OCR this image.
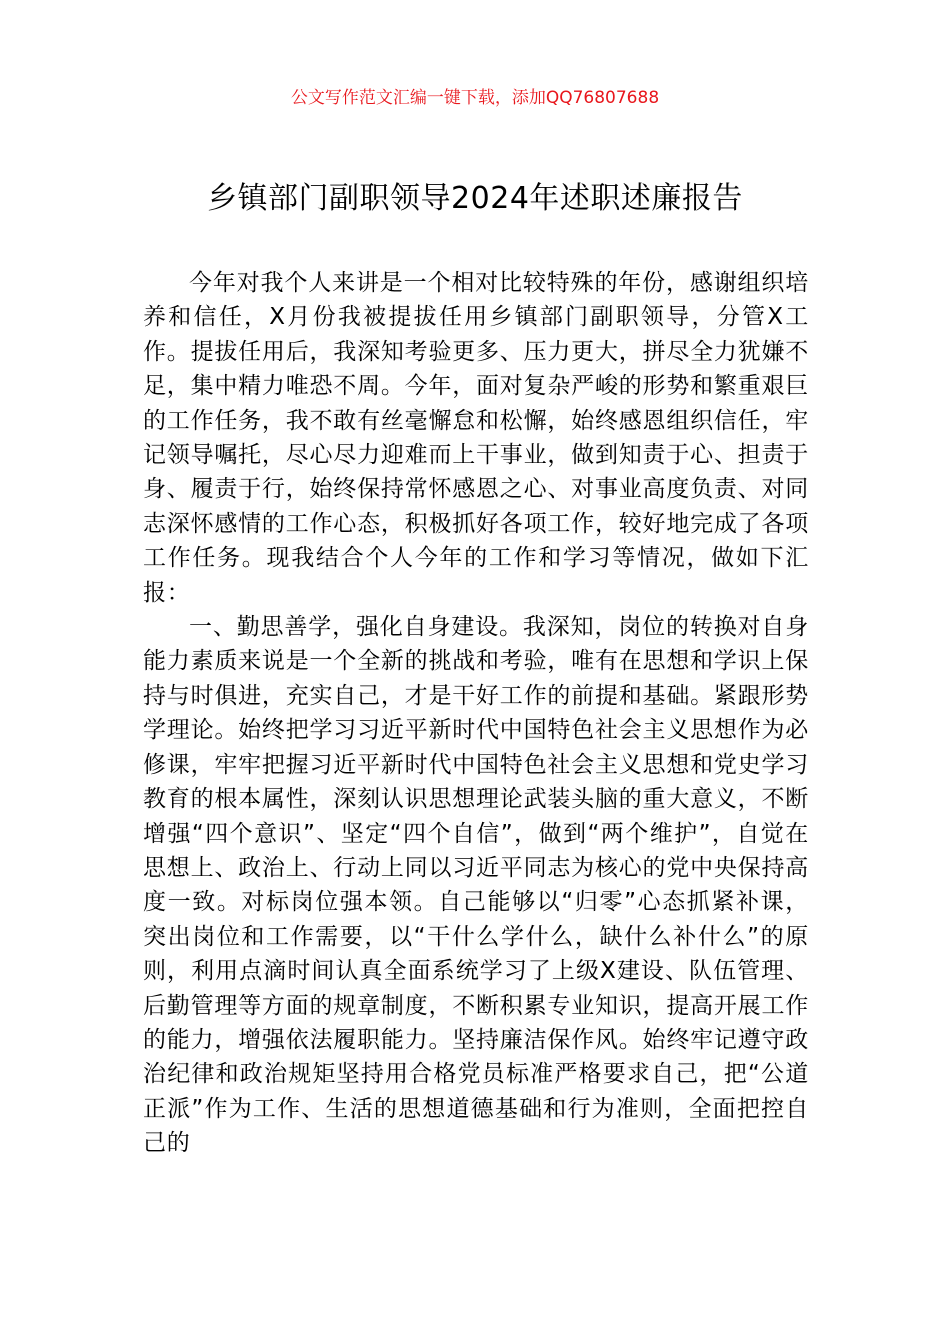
公文写作范文汇编一键下载，添加QQ76807688
乡镇部门副职领导2024年述职述廉报告

今年对我个人来讲是一个相对比较特殊的年份，感谢组织培养和信任，X月份我被提拔任用乡镇部门副职领导，分管X工作。提拔任用后，我深知考验更多、压力更大，拼尽全力犹嫌不足，集中精力唯恐不周。今年，面对复杂严峻的形势和繁重艰巨的工作任务，我不敢有丝毫懈怠和松懈，始终感恩组织信任，牢记领导嘱托，尽心尽力迎难而上干事业，做到知责于心、担责于身、履责于行，始终保持常怀感恩之心、对事业高度负责、对同志深怀感情的工作心态，积极抓好各项工作，较好地完成了各项工作任务。现我结合个人今年的工作和学习等情况，做如下汇报：

一、勤思善学，强化自身建设。我深知，岗位的转换对自身能力素质来说是一个全新的挑战和考验，唯有在思想和学识上保持与时俱进，充实自己，才是干好工作的前提和基础。紧跟形势学理论。始终把学习习近平新时代中国特色社会主义思想作为必修课，牢牢把握习近平新时代中国特色社会主义思想和党史学习教育的根本属性，深刻认识思想理论武装头脑的重大意义，不断增强“四个意识”、坚定“四个自信”，做到“两个维护”，自觉在思想上、政治上、行动上同以习近平同志为核心的党中央保持高度一致。对标岗位强本领。自己能够以“归零”心态抓紧补课，突出岗位和工作需要，以“干什么学什么，缺什么补什么”的原则，利用点滴时间认真全面系统学习了上级X建设、队伍管理、后勤管理等方面的规章制度，不断积累专业知识，提高开展工作的能力，增强依法履职能力。坚持廉洁保作风。始终牢记遵守政治纪律和政治规矩坚持用合格党员标准严格要求自己，把“公道正派”作为工作、生活的思想道德基础和行为准则，全面把控自己的
